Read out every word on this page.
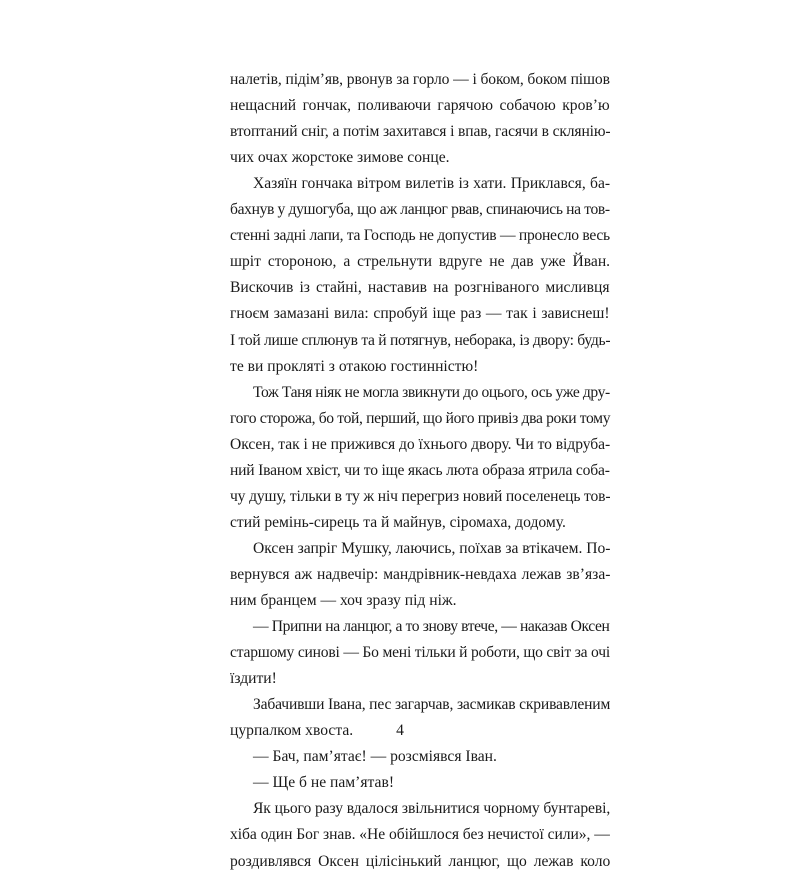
налетів, підім’яв, рвонув за горло — і боком, боком пішов
нещасний гончак, поливаючи гарячою собачою кров’ю
втоптаний сніг, а потім захитався і впав, гасячи в склянію-
чих очах жорстоке зимове сонце.
Хазяїн гончака вітром вилетів із хати. Приклався, ба-
бахнув у душогуба, що аж ланцюг рвав, спинаючись на тов-
стенні задні лапи, та Господь не допустив — пронесло весь
шріт стороною, а стрельнути вдруге не дав уже Йван.
Вискочив із стайні, наставив на розгніваного мисливця
гноєм замазані вила: спробуй іще раз — так і зависнеш!
І той лише сплюнув та й потягнув, неборака, із двору: будь-
те ви прокляті з отакою гостинністю!
Тож Таня ніяк не могла звикнути до оцього, ось уже дру-
гого сторожа, бо той, перший, що його привіз два роки тому
Оксен, так і не прижився до їхнього двору. Чи то відруба-
ний Іваном хвіст, чи то іще якась люта образа ятрила соба-
чу душу, тільки в ту ж ніч перегриз новий поселенець тов-
стий ремінь-сирець та й майнув, сіромаха, додому.
Оксен запріг Мушку, лаючись, поїхав за втікачем. По-
вернувся аж надвечір: мандрівник-невдаха лежав зв’яза-
ним бранцем — хоч зразу під ніж.
— Припни на ланцюг, а то знову втече, — наказав Оксен
старшому синові — Бо мені тільки й роботи, що світ за очі
їздити!
Забачивши Івана, пес загарчав, засмикав скривавленим
цурпалком хвоста.
— Бач, пам’ятає! — розсміявся Іван.
— Ще б не пам’ятав!
Як цього разу вдалося звільнитися чорному бунтареві,
хіба один Бог знав. «Не обійшлося без нечистої сили», —
роздивлявся Оксен цілісінький ланцюг, що лежав коло
4
